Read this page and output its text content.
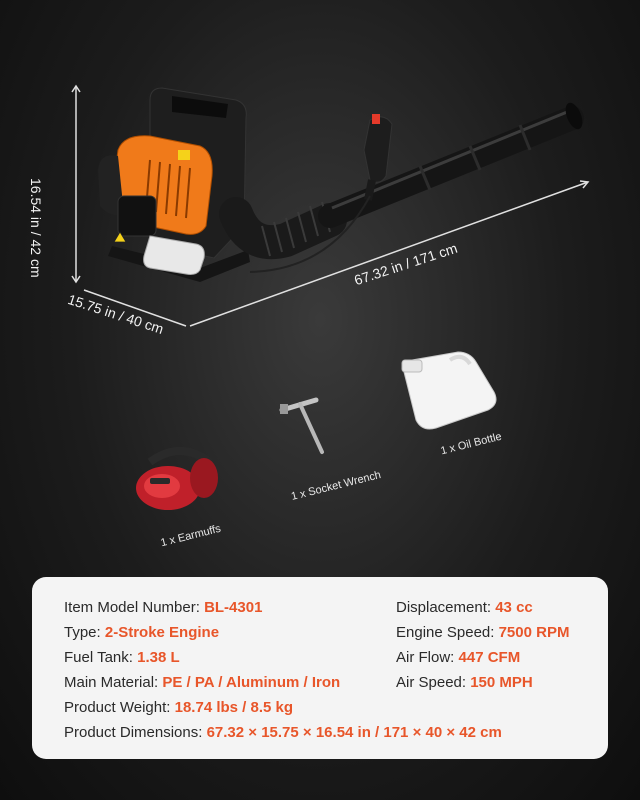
16.54 in / 42 cm	67.32 in / 171 cm
15.75 in / 40 cm
1 x Oil Bottle
1 x Socket Wrench
1 x Earmuffs
Item Model Number: BL-4301
Type: 2-Stroke Engine
Fuel Tank: 1.38 L
Main Material: PE / PA / Aluminum / Iron
Product Weight: 18.74 lbs / 8.5 kg
Product Dimensions: 67.32 × 15.75 × 16.54 in / 171 × 40 × 42 cm
Displacement: 43 cc
Engine Speed: 7500 RPM
Air Flow: 447 CFM
Air Speed: 150 MPH
